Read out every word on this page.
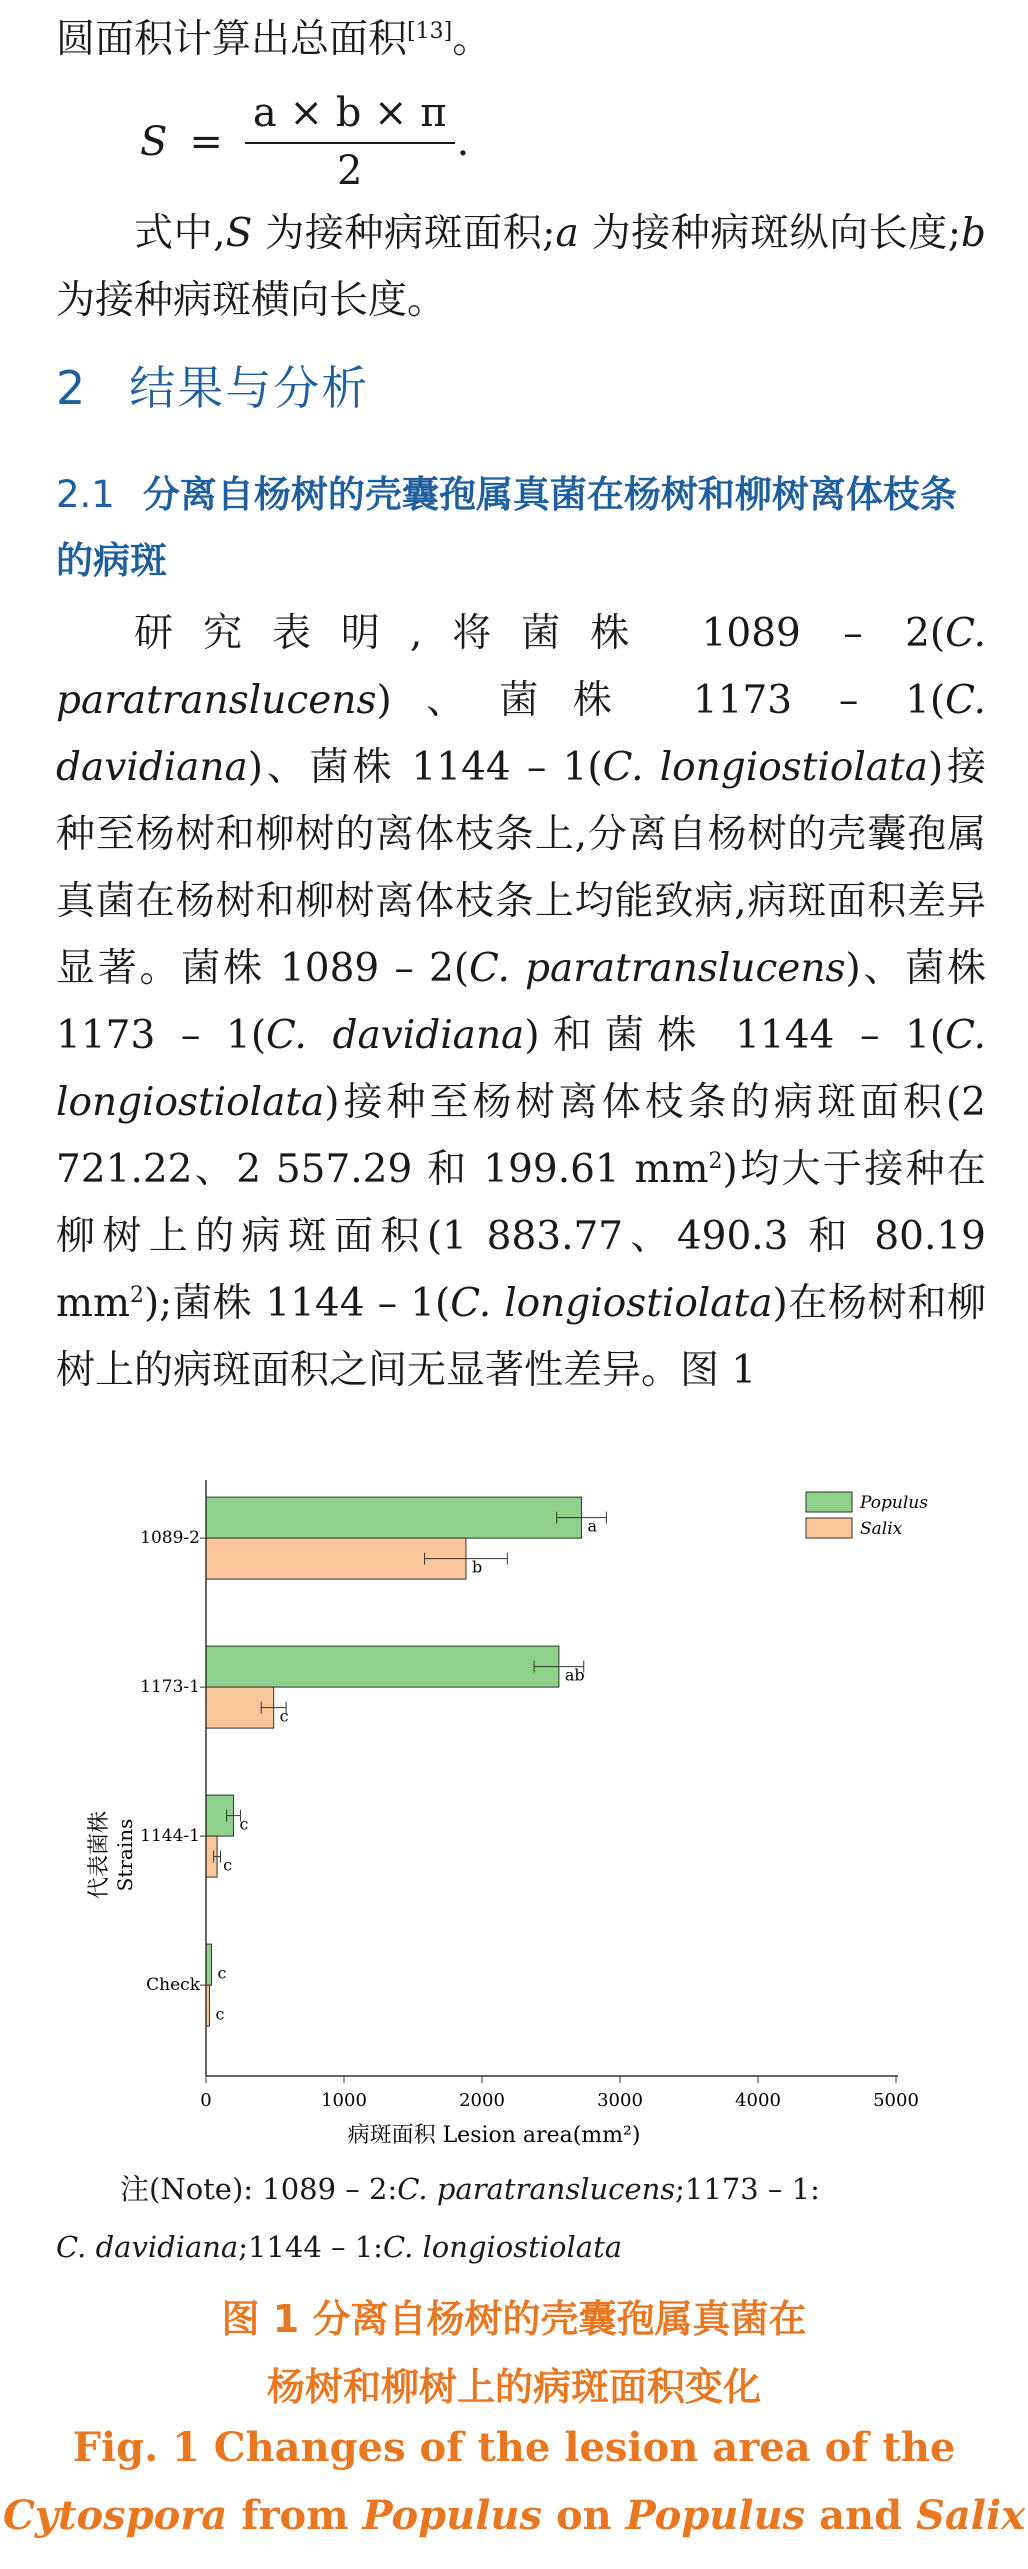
圆面积计算出总面积[13]。
$S = \frac{a \times b \times \pi}{2}$ .
式中,S 为接种病斑面积;a 为接种病斑纵向长度;b 为接种病斑横向长度。
2 结果与分析
2.1 分离自杨树的壳囊孢属真菌在杨树和柳树离体枝条的病斑
研究表明,将菌株 1089 – 2(C. paratranslucens)、菌株 1173 – 1(C. davidiana)、菌株 1144 – 1(C. longiostiolata)接种至杨树和柳树的离体枝条上,分离自杨树的壳囊孢属真菌在杨树和柳树离体枝条上均能致病,病斑面积差异显著。菌株 1089 – 2(C. paratranslucens)、菌株 1173 – 1(C. davidiana)和菌株 1144 – 1(C. longiostiolata)接种至杨树离体枝条的病斑面积(2 721.22、2 557.29 和 199.61 $mm^2$)均大于接种在柳树上的病斑面积(1 883.77、490.3 和 80.19 $mm^2$);菌株 1144 – 1(C. longiostiolata)在杨树和柳树上的病斑面积之间无显著性差异。图 1
a
b
ab
c
c
c
c
c
1089-2
1173-1
1144-1
Check
0	1000	2000	3000	4000	5000
代表菌株 Strains
病斑面积 Lesion area(mm²)
Populus
Salix
注(Note): 1089 – 2:C. paratranslucens;1173 – 1:
C. davidiana;1144 – 1:C. longiostiolata
图 1 分离自杨树的壳囊孢属真菌在
杨树和柳树上的病斑面积变化
Fig. 1 Changes of the lesion area of the
Cytospora from Populus on Populus and Salix
